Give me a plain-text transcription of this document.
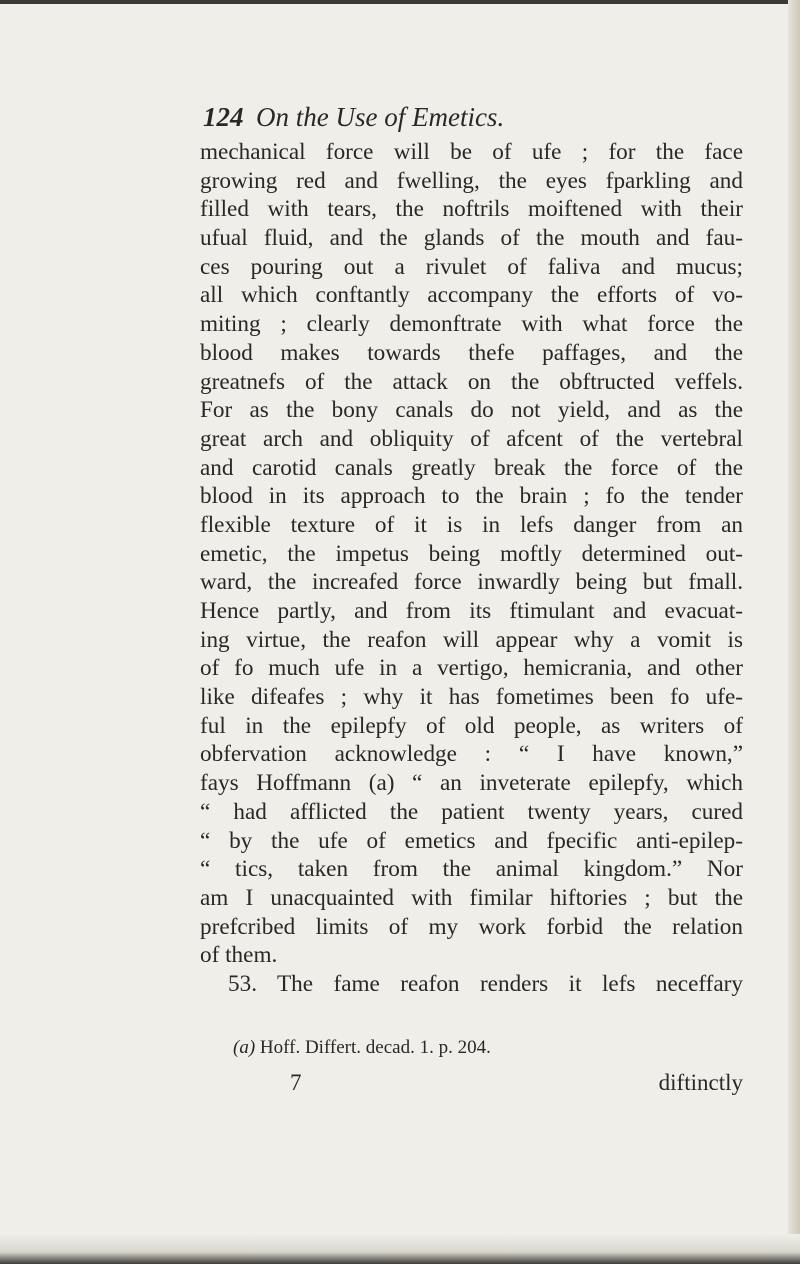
124 On the Use of Emetics.
mechanical force will be of ufe ; for the face
growing red and fwelling, the eyes fparkling and
filled with tears, the noftrils moiftened with their
ufual fluid, and the glands of the mouth and fau-
ces pouring out a rivulet of faliva and mucus;
all which conftantly accompany the efforts of vo-
miting ; clearly demonftrate with what force the
blood makes towards thefe paffages, and the
greatnefs of the attack on the obftructed veffels.
For as the bony canals do not yield, and as the
great arch and obliquity of afcent of the vertebral
and carotid canals greatly break the force of the
blood in its approach to the brain ; fo the tender
flexible texture of it is in lefs danger from an
emetic, the impetus being moftly determined out-
ward, the increafed force inwardly being but fmall.
Hence partly, and from its ftimulant and evacuat-
ing virtue, the reafon will appear why a vomit is
of fo much ufe in a vertigo, hemicrania, and other
like difeafes ; why it has fometimes been fo ufe-
ful in the epilepfy of old people, as writers of
obfervation acknowledge : “ I have known,”
fays Hoffmann (a) “ an inveterate epilepfy, which
“ had afflicted the patient twenty years, cured
“ by the ufe of emetics and fpecific anti-epilep-
“ tics, taken from the animal kingdom.” Nor
am I unacquainted with fimilar hiftories ; but the
prefcribed limits of my work forbid the relation
of them.
53. The fame reafon renders it lefs neceffary
(a) Hoff. Differt. decad. 1. p. 204.
7	diftinctly
